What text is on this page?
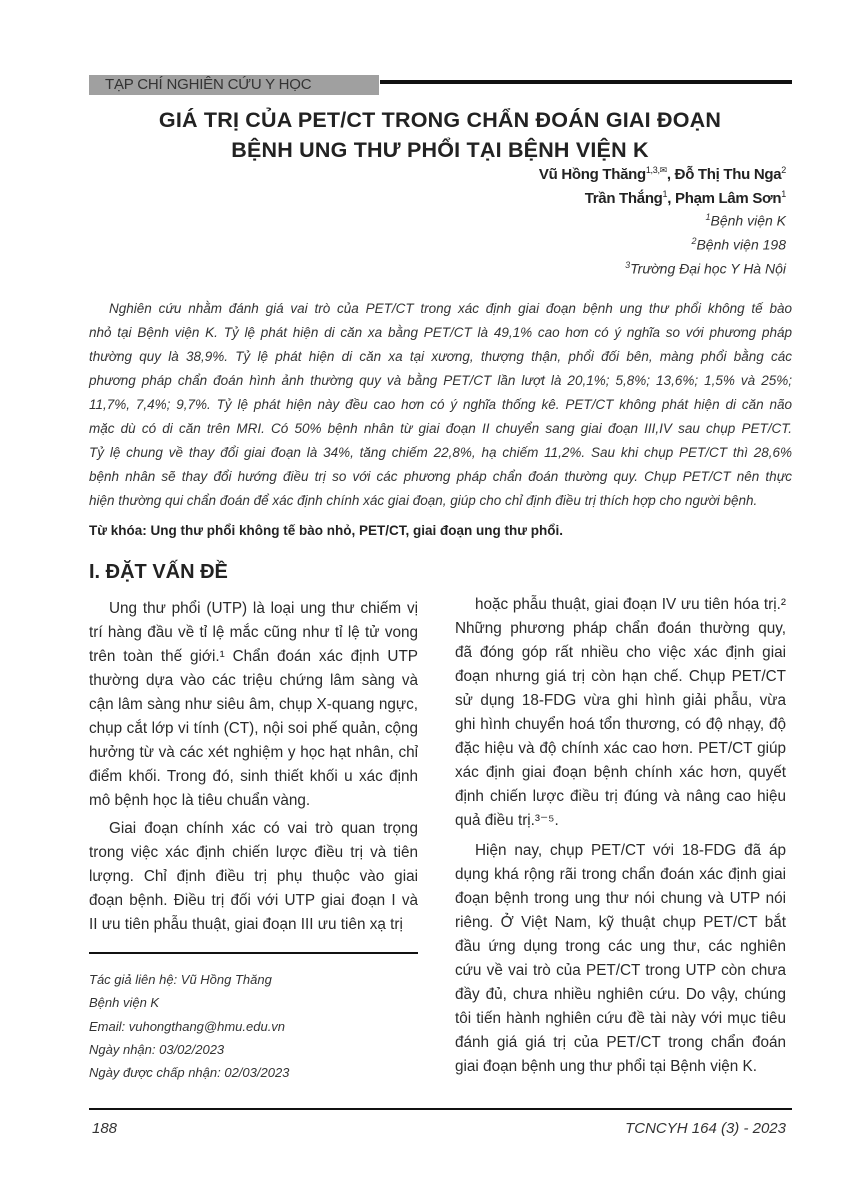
TẠP CHÍ NGHIÊN CỨU Y HỌC
GIÁ TRỊ CỦA PET/CT TRONG CHẨN ĐOÁN GIAI ĐOẠN
BỆNH UNG THƯ PHỔI TẠI BỆNH VIỆN K
Vũ Hồng Thăng$^{1,3,✉}$, Đỗ Thị Thu Nga$^2$
Trần Thắng$^1$, Phạm Lâm Sơn$^1$
$^1$Bệnh viện K
$^2$Bệnh viện 198
$^3$Trường Đại học Y Hà Nội
Nghiên cứu nhằm đánh giá vai trò của PET/CT trong xác định giai đoạn bệnh ung thư phổi không tế bào
nhỏ tại Bệnh viện K. Tỷ lệ phát hiện di căn xa bằng PET/CT là 49,1% cao hơn có ý nghĩa so với phương pháp
thường quy là 38,9%. Tỷ lệ phát hiện di căn xa tại xương, thượng thận, phổi đối bên, màng phổi bằng các
phương pháp chẩn đoán hình ảnh thường quy và bằng PET/CT lần lượt là 20,1%; 5,8%; 13,6%; 1,5% và 25%;
11,7%, 7,4%; 9,7%. Tỷ lệ phát hiện này đều cao hơn có ý nghĩa thống kê. PET/CT không phát hiện di căn não
mặc dù có di căn trên MRI. Có 50% bệnh nhân từ giai đoạn II chuyển sang giai đoạn III,IV sau chụp PET/CT.
Tỷ lệ chung về thay đổi giai đoạn là 34%, tăng chiếm 22,8%, hạ chiếm 11,2%. Sau khi chụp PET/CT thì 28,6%
bệnh nhân sẽ thay đổi hướng điều trị so với các phương pháp chẩn đoán thường quy. Chụp PET/CT nên thực
hiện thường qui chẩn đoán để xác định chính xác giai đoạn, giúp cho chỉ định điều trị thích hợp cho người bệnh.
Từ khóa: Ung thư phổi không tế bào nhỏ, PET/CT, giai đoạn ung thư phổi.
I. ĐẶT VẤN ĐỀ
Ung thư phổi (UTP) là loại ung thư chiếm vị
trí hàng đầu về tỉ lệ mắc cũng như tỉ lệ tử vong
trên toàn thế giới.¹ Chẩn đoán xác định UTP
thường dựa vào các triệu chứng lâm sàng và
cận lâm sàng như siêu âm, chụp X-quang ngực,
chụp cắt lớp vi tính (CT), nội soi phế quản, cộng
hưởng từ và các xét nghiệm y học hạt nhân, chỉ
điểm khối. Trong đó, sinh thiết khối u xác định
mô bệnh học là tiêu chuẩn vàng.
Giai đoạn chính xác có vai trò quan trọng
trong việc xác định chiến lược điều trị và tiên
lượng. Chỉ định điều trị phụ thuộc vào giai
đoạn bệnh. Điều trị đối với UTP giai đoạn I và
II ưu tiên phẫu thuật, giai đoạn III ưu tiên xạ trị
hoặc phẫu thuật, giai đoạn IV ưu tiên hóa trị.²
Những phương pháp chẩn đoán thường quy,
đã đóng góp rất nhiều cho việc xác định giai
đoạn nhưng giá trị còn hạn chế. Chụp PET/CT
sử dụng 18-FDG vừa ghi hình giải phẫu, vừa
ghi hình chuyển hoá tổn thương, có độ nhạy, độ
đặc hiệu và độ chính xác cao hơn. PET/CT giúp
xác định giai đoạn bệnh chính xác hơn, quyết
định chiến lược điều trị đúng và nâng cao hiệu
quả điều trị.³⁻⁵.
Hiện nay, chụp PET/CT với 18-FDG đã áp
dụng khá rộng rãi trong chẩn đoán xác định giai
đoạn bệnh trong ung thư nói chung và UTP nói
riêng. Ở Việt Nam, kỹ thuật chụp PET/CT bắt
đầu ứng dụng trong các ung thư, các nghiên
cứu về vai trò của PET/CT trong UTP còn chưa
đầy đủ, chưa nhiều nghiên cứu. Do vậy, chúng
tôi tiến hành nghiên cứu đề tài này với mục tiêu
đánh giá giá trị của PET/CT trong chẩn đoán
giai đoạn bệnh ung thư phổi tại Bệnh viện K.
Tác giả liên hệ: Vũ Hồng Thăng
Bệnh viện K
Email: vuhongthang@hmu.edu.vn
Ngày nhận: 03/02/2023
Ngày được chấp nhận: 02/03/2023
188	TCNCYH 164 (3) - 2023
